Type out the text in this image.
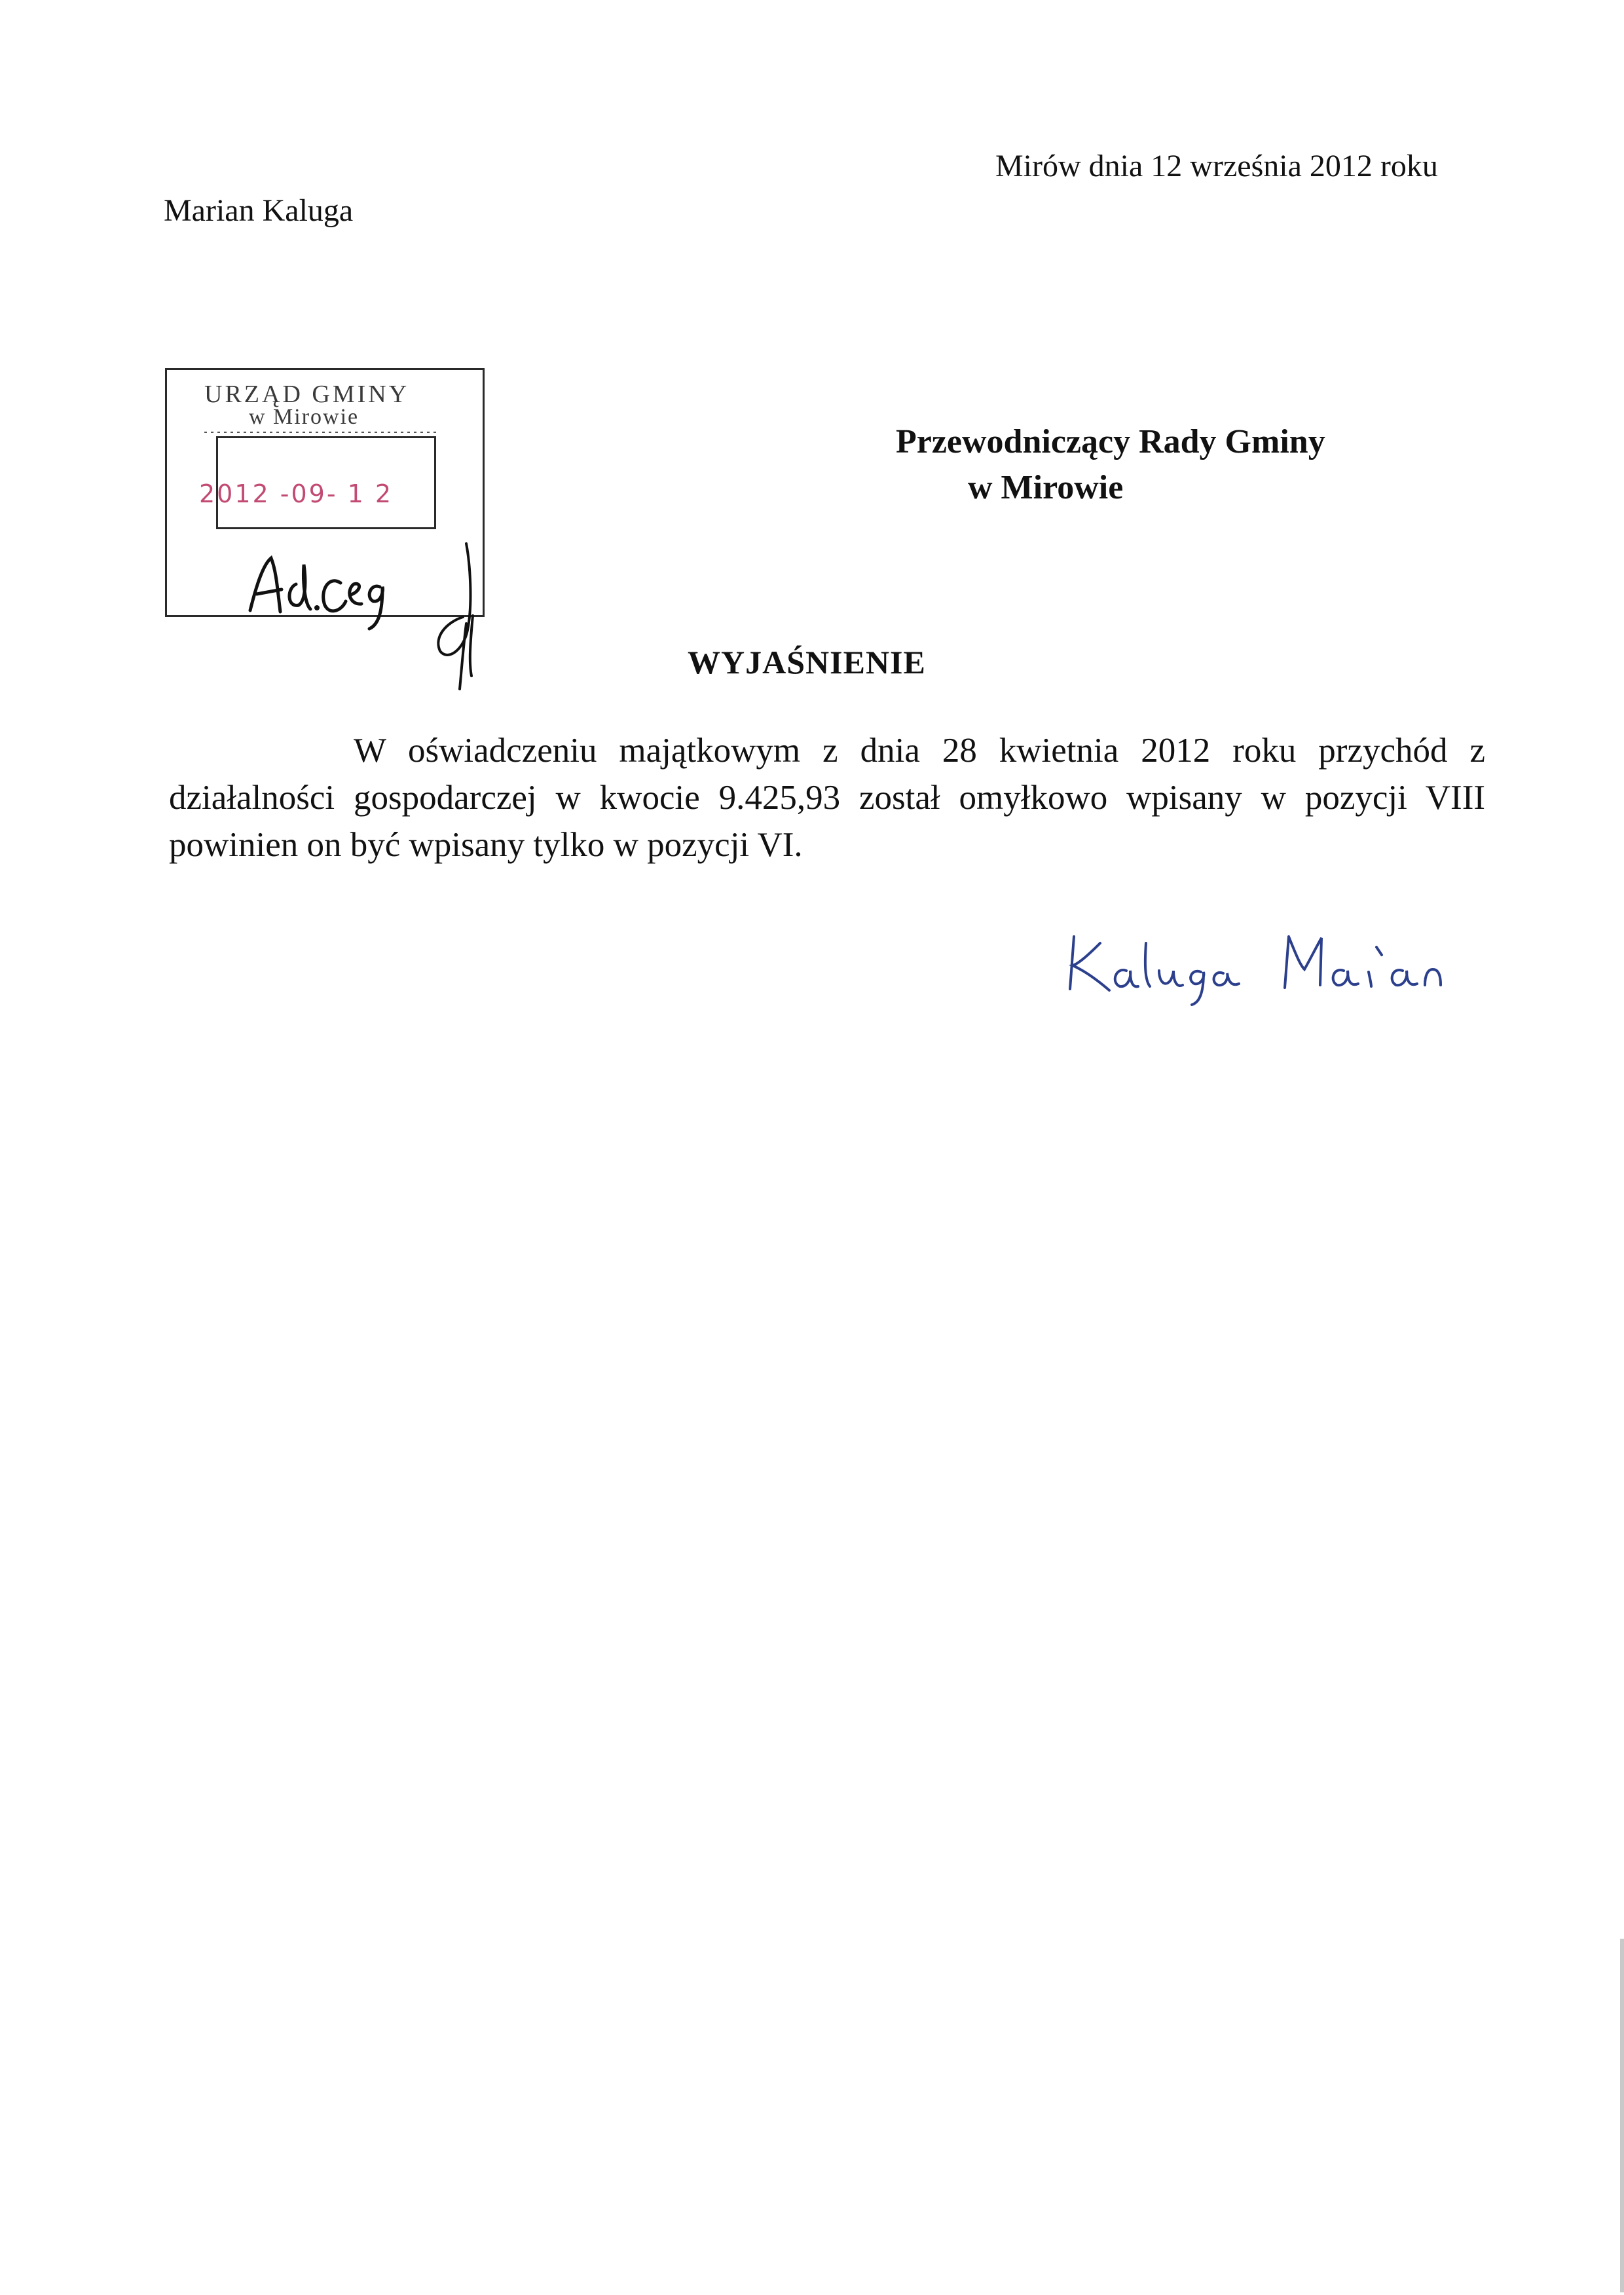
Mirów dnia 12 września 2012 roku
Marian Kaluga
URZĄD GMINY
w Mirowie
2012 -09- 1 2
Przewodniczący Rady Gminy
w Mirowie
WYJAŚNIENIE
W oświadczeniu majątkowym z dnia 28 kwietnia 2012 roku przychód z działalności gospodarczej w kwocie 9.425,93 został omyłkowo wpisany w pozycji VIII powinien on być wpisany tylko w pozycji VI.
